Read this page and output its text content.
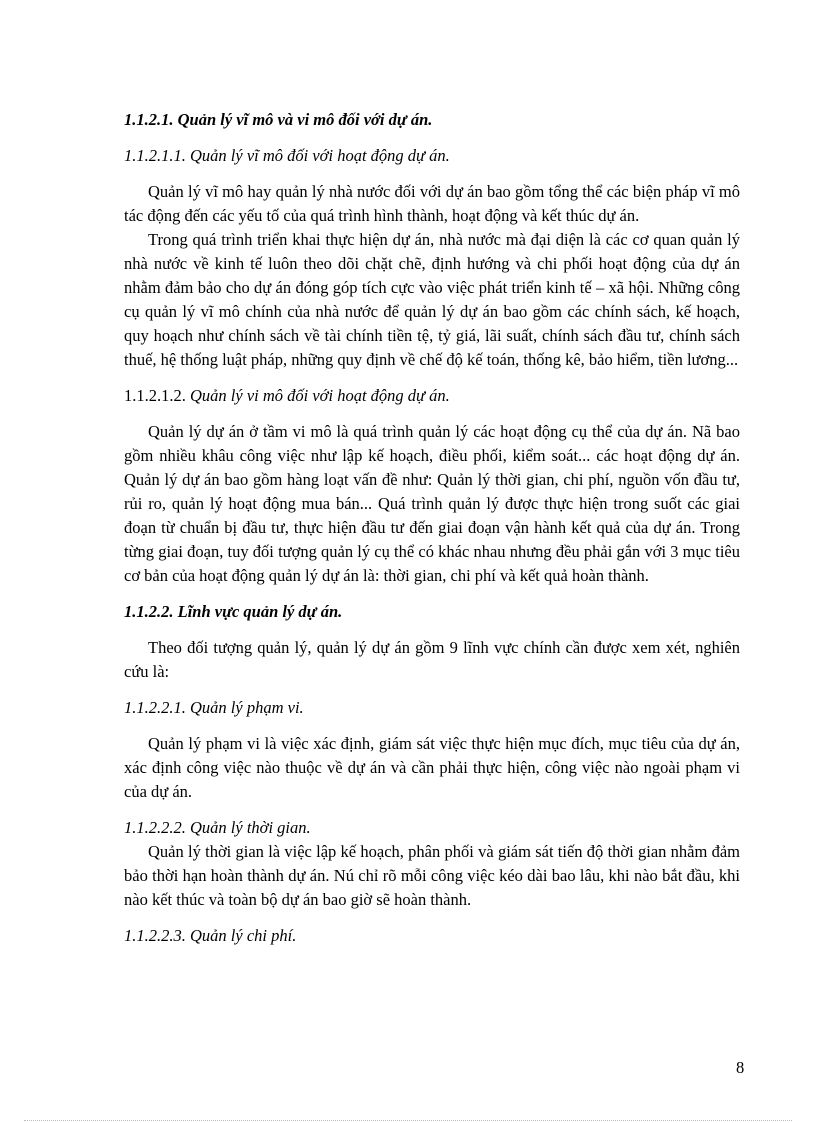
1.1.2.1. Quản lý vĩ mô và vi mô đối với dự án.
1.1.2.1.1. Quản lý vĩ mô đối với hoạt động dự án.

Quản lý vĩ mô hay quản lý nhà nước đối với dự án bao gồm tổng thể các biện pháp vĩ mô tác động đến các yếu tố của quá trình hình thành, hoạt động và kết thúc dự án.

Trong quá trình triển khai thực hiện dự án, nhà nước mà đại diện là các cơ quan quản lý nhà nước về kinh tế luôn theo dõi chặt chẽ, định hướng và chi phối hoạt động của dự án nhằm đảm bảo cho dự án đóng góp tích cực vào việc phát triển kinh tế – xã hội. Những công cụ quản lý vĩ mô chính của nhà nước để quản lý dự án bao gồm các chính sách, kế hoạch, quy hoạch như chính sách về tài chính tiền tệ, tỷ giá, lãi suất, chính sách đầu tư, chính sách thuế, hệ thống luật pháp, những quy định về chế độ kế toán, thống kê, bảo hiểm, tiền lương...

1.1.2.1.2. Quản lý vi mô đối với hoạt động dự án.

Quản lý dự án ở tầm vi mô là quá trình quản lý các hoạt động cụ thể của dự án. Nã bao gồm nhiều khâu công việc như lập kế hoạch, điều phối, kiểm soát... các hoạt động dự án. Quản lý dự án bao gồm hàng loạt vấn đề như: Quản lý thời gian, chi phí, nguồn vốn đầu tư, rủi ro, quản lý hoạt động mua bán... Quá trình quản lý được thực hiện trong suốt các giai đoạn từ chuẩn bị đầu tư, thực hiện đầu tư đến giai đoạn vận hành kết quả của dự án. Trong từng giai đoạn, tuy đối tượng quản lý cụ thể có khác nhau nhưng đều phải gắn với 3 mục tiêu cơ bản của hoạt động quản lý dự án là: thời gian, chi phí và kết quả hoàn thành.

1.1.2.2. Lĩnh vực quản lý dự án.

Theo đối tượng quản lý, quản lý dự án gồm 9 lĩnh vực chính cần được xem xét, nghiên cứu là:

1.1.2.2.1. Quản lý phạm vi.

Quản lý phạm vi là việc xác định, giám sát việc thực hiện mục đích, mục tiêu của dự án, xác định công việc nào thuộc về dự án và cần phải thực hiện, công việc nào ngoài phạm vi của dự án.

1.1.2.2.2. Quản lý thời gian.

Quản lý thời gian là việc lập kế hoạch, phân phối và giám sát tiến độ thời gian nhằm đảm bảo thời hạn hoàn thành dự án. Nú chỉ rõ mỗi công việc kéo dài bao lâu, khi nào bắt đầu, khi nào kết thúc và toàn bộ dự án bao giờ sẽ hoàn thành.

1.1.2.2.3. Quản lý chi phí.
8
